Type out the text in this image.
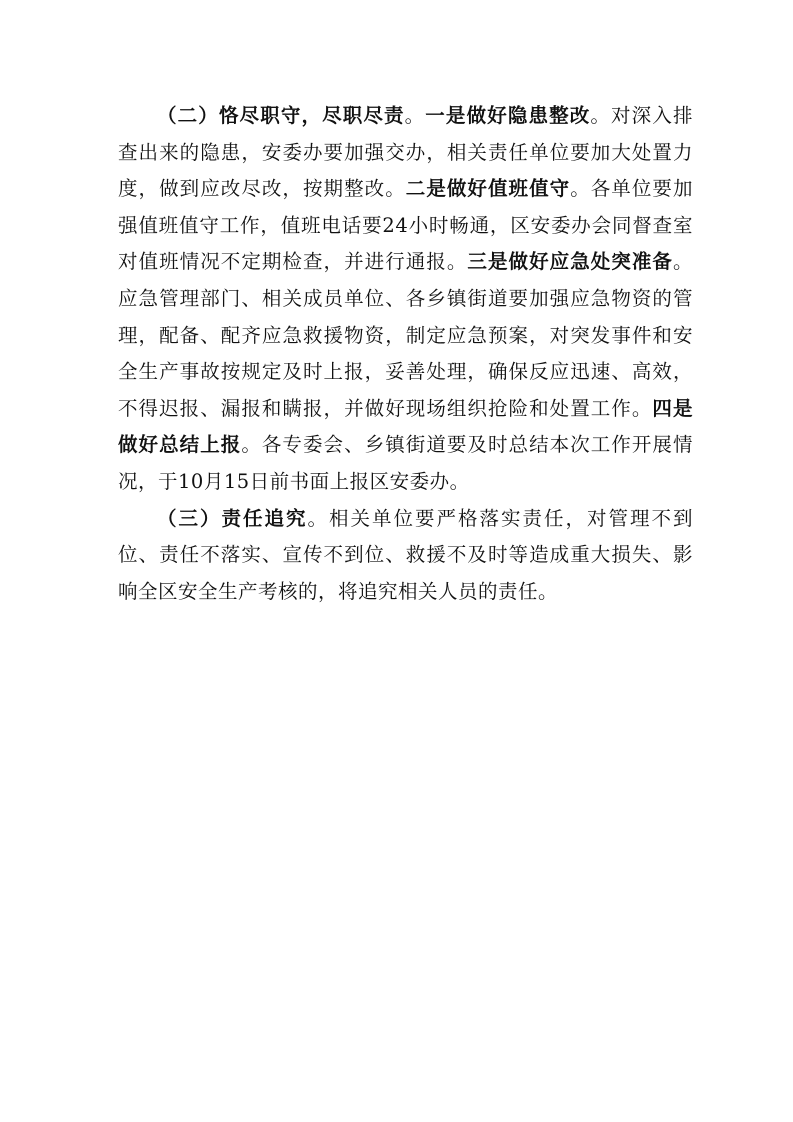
（二）恪尽职守，尽职尽责。一是做好隐患整改。对深入排查出来的隐患，安委办要加强交办，相关责任单位要加大处置力度，做到应改尽改，按期整改。二是做好值班值守。各单位要加强值班值守工作，值班电话要24小时畅通，区安委办会同督查室对值班情况不定期检查，并进行通报。三是做好应急处突准备。应急管理部门、相关成员单位、各乡镇街道要加强应急物资的管理，配备、配齐应急救援物资，制定应急预案，对突发事件和安全生产事故按规定及时上报，妥善处理，确保反应迅速、高效，不得迟报、漏报和瞒报，并做好现场组织抢险和处置工作。四是做好总结上报。各专委会、乡镇街道要及时总结本次工作开展情况，于10月15日前书面上报区安委办。

（三）责任追究。相关单位要严格落实责任，对管理不到位、责任不落实、宣传不到位、救援不及时等造成重大损失、影响全区安全生产考核的，将追究相关人员的责任。
